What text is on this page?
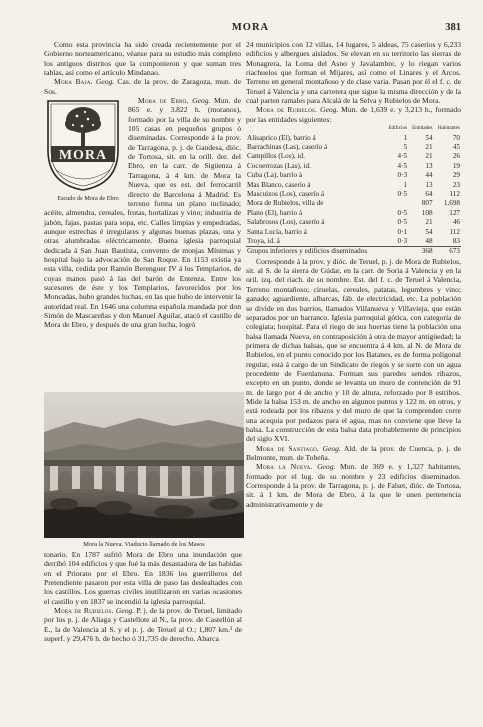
MORA	381

Como esta provincia ha sido creada recientemente por el Gobierno norteamericano, véanse para su estudio más completo los antiguos distritos que la componieron y que suman tres tablas, así como el artículo Mindanao.

Mora Baja. Geog. Cas. de la prov. de Zaragoza, mun. de Sos.

Mora de Ebro. Geog.
MORA
Escudo de Mora de Ebro
Mun. de 865 e. y 3.822 h. (moranos), formado por la villa de su nombre y 105 casas en pequeños grupos ó diseminadas. Corresponde á la prov. de Tarragona, p. j. de Gandesa, dióc. de Tortosa, sit. en la orill. der. del Ebro, en la carr. de Sigüenza á Tarragona, á 4 km. de Mora la Nueva, que es est. del ferrocarril directo de Barcelona á Madrid. Es terreno forma un plano inclinado; acéite, almendra, cereales, frutas, hortalizas y vino; industria de jabón, fajas, pastas para sopa, etc. Calles limpias y empedradas, aunque estrechas é irregulares y algunas buenas plazas, una y otras alumbradas eléctricamente. Buena iglesia parroquial dedicada á San Juan Bautista, convento de monjas Mínimas y hospital bajo la advocación de San Roque. En 1153 existía ya esta villa, cedida por Ramón Berenguer IV á los Templarios, de cuyas manos pasó á las del barón de Entenza. Entre los sucesores de éste y los Templarios, favorecidos por los Moncadas, hubo grandes luchas, en las que hubo de intervenir la autoridad real. En 1646 una columna española mandada por don Simón de Mascareñas y don Manuel Aguilar, atacó el castillo de Mora de Ebro, y después de una gran lucha, logró

24 municipios con 12 villas, 14 lugares, 5 aldeas, 75 caseríos y 6,233 edificios y albergues aislados. Se elevan en su territorio las sierras de Monagrera, la Loma del Asno y Javalambre, y lo riegan varios riachuelos que forman el Mijares, así como el Linares y el Arcos. Terreno en general montañoso y de clase varia. Pasan por él el f. c. de Teruel á Valencia y una carretera que sigue la misma dirección y de la cual parten ramales para Alcalá de la Selva y Rubielos de Mora.

Mora de Rubielos. Geog. Mun. de 1,639 e. y 3,213 h., formado por las entidades siguientes:

	Edificios	Entidades	Habitantes
Alisaprico (El), barrio á	1	54	70
Barrachinas (Las), caserío á	5	21	45
Campillos (Los), id.	4·5	21	26
Cocoerrozas (Las), id.	4·5	13	19
Cuba (La), barrío á	0·3	44	29
Mas Blanco, caserío á	1	13	23
Mascuizos (Los), caserío á	0·5	64	112
Mora de Rubielos, villa de		807	1,698
Plano (El), barrio á	0·5	108	127
Salabrosos (Los), caserío á	0·5	21	46
Santa Lucía, barrio á	0·1	54	112
Troya, id. á	0·3	48	83
Grupos inferiores y edificios diseminados		368	673

Corresponde á la prov. y dióc. de Teruel, p. j. de Mora de Rubielos, sit. al S. de la sierra de Gúdar, en la carr. de Soria á Valencia y en la oril. izq. del riach. de su nombre. Est. del f. c. de Teruel á Valencia, Terreno montañoso; ciruelas, cereales, patatas, legumbres y vino; ganado; aguardiente, albarcas, fáb. de electricidad, etc. La población se divide en dos barrios, llamados Villanueva y Villavieja, que están separados por un barranco. Iglesia parroquial gótica, con categoría de colegiata; hospital. Para el riego de sus huertas tiene la población una balsa llamada Nueva, en contraposición á otra de mayor antigüedad; la primera de dichas balsas, que se encuentra á 4 km. al N. de Mora de Rubielos, en el punto conocido por los Batanes, es de forma poligonal regular, está á cargo de un Sindicato de riegos y se surte con un agua procedente de Fuenlanuna. Forman sus paredes sendos ribazos, excepto en un punto, donde se levanta un muro de contención de 91 m. de largo por 4 de ancho y 10 de altura, reforzado por 8 estribos. Mide la balsa 153 m. de ancho en algunos puntos y 122 m. en otros, y está rodeada por los ribazos y del muro de que la comprenden corre una acequia por pedazos para el agua, mas no conviene que lleve la balsa. La construcción de esta balsa data probablemente de principios del siglo XVI.

Mora de Santiago. Geog. Ald. de la prov. de Cuenca, p. j. de Belmonte, mun. de Tobeña.

Mora la Nueva. Geog. Mun. de 369 e. y 1,327 habitantes, formado por el lug. de su nombre y 23 edificios diseminados. Corresponde á la prov. de Tarragona, p. j. de Falset, dióc. de Tortosa, sit. á 1 km. de Mora de Ebro, á la que le unen pertenencia administrativamente y de

Mora la Nueva. Viaducto llamado de los Masos

tonario. En 1787 sufrió Mora de Ebro una inundación que derribó 104 edificios y que fué la más desastadora de las habidas en el Priorato por el Ebro. En 1836 los guerrilleros del Pretendiente pasaron por esta villa de paso las deslealtades con los castillos. Los guerras civiles inutilizaron en varias ocasiones el castillo y en 1837 se incendió la iglesia parroquial.

Mora de Rubielos. Geog. P. j. de la prov. de Teruel, limitado por los p. j. de Aliaga y Castellote al N., la prov. de Castellón al E., la de Valencia al S. y el p. j. de Teruel al O.; 1,807 km.² de superf. y 29,476 h. de hecho ó 31,735 de derecho. Abarca
